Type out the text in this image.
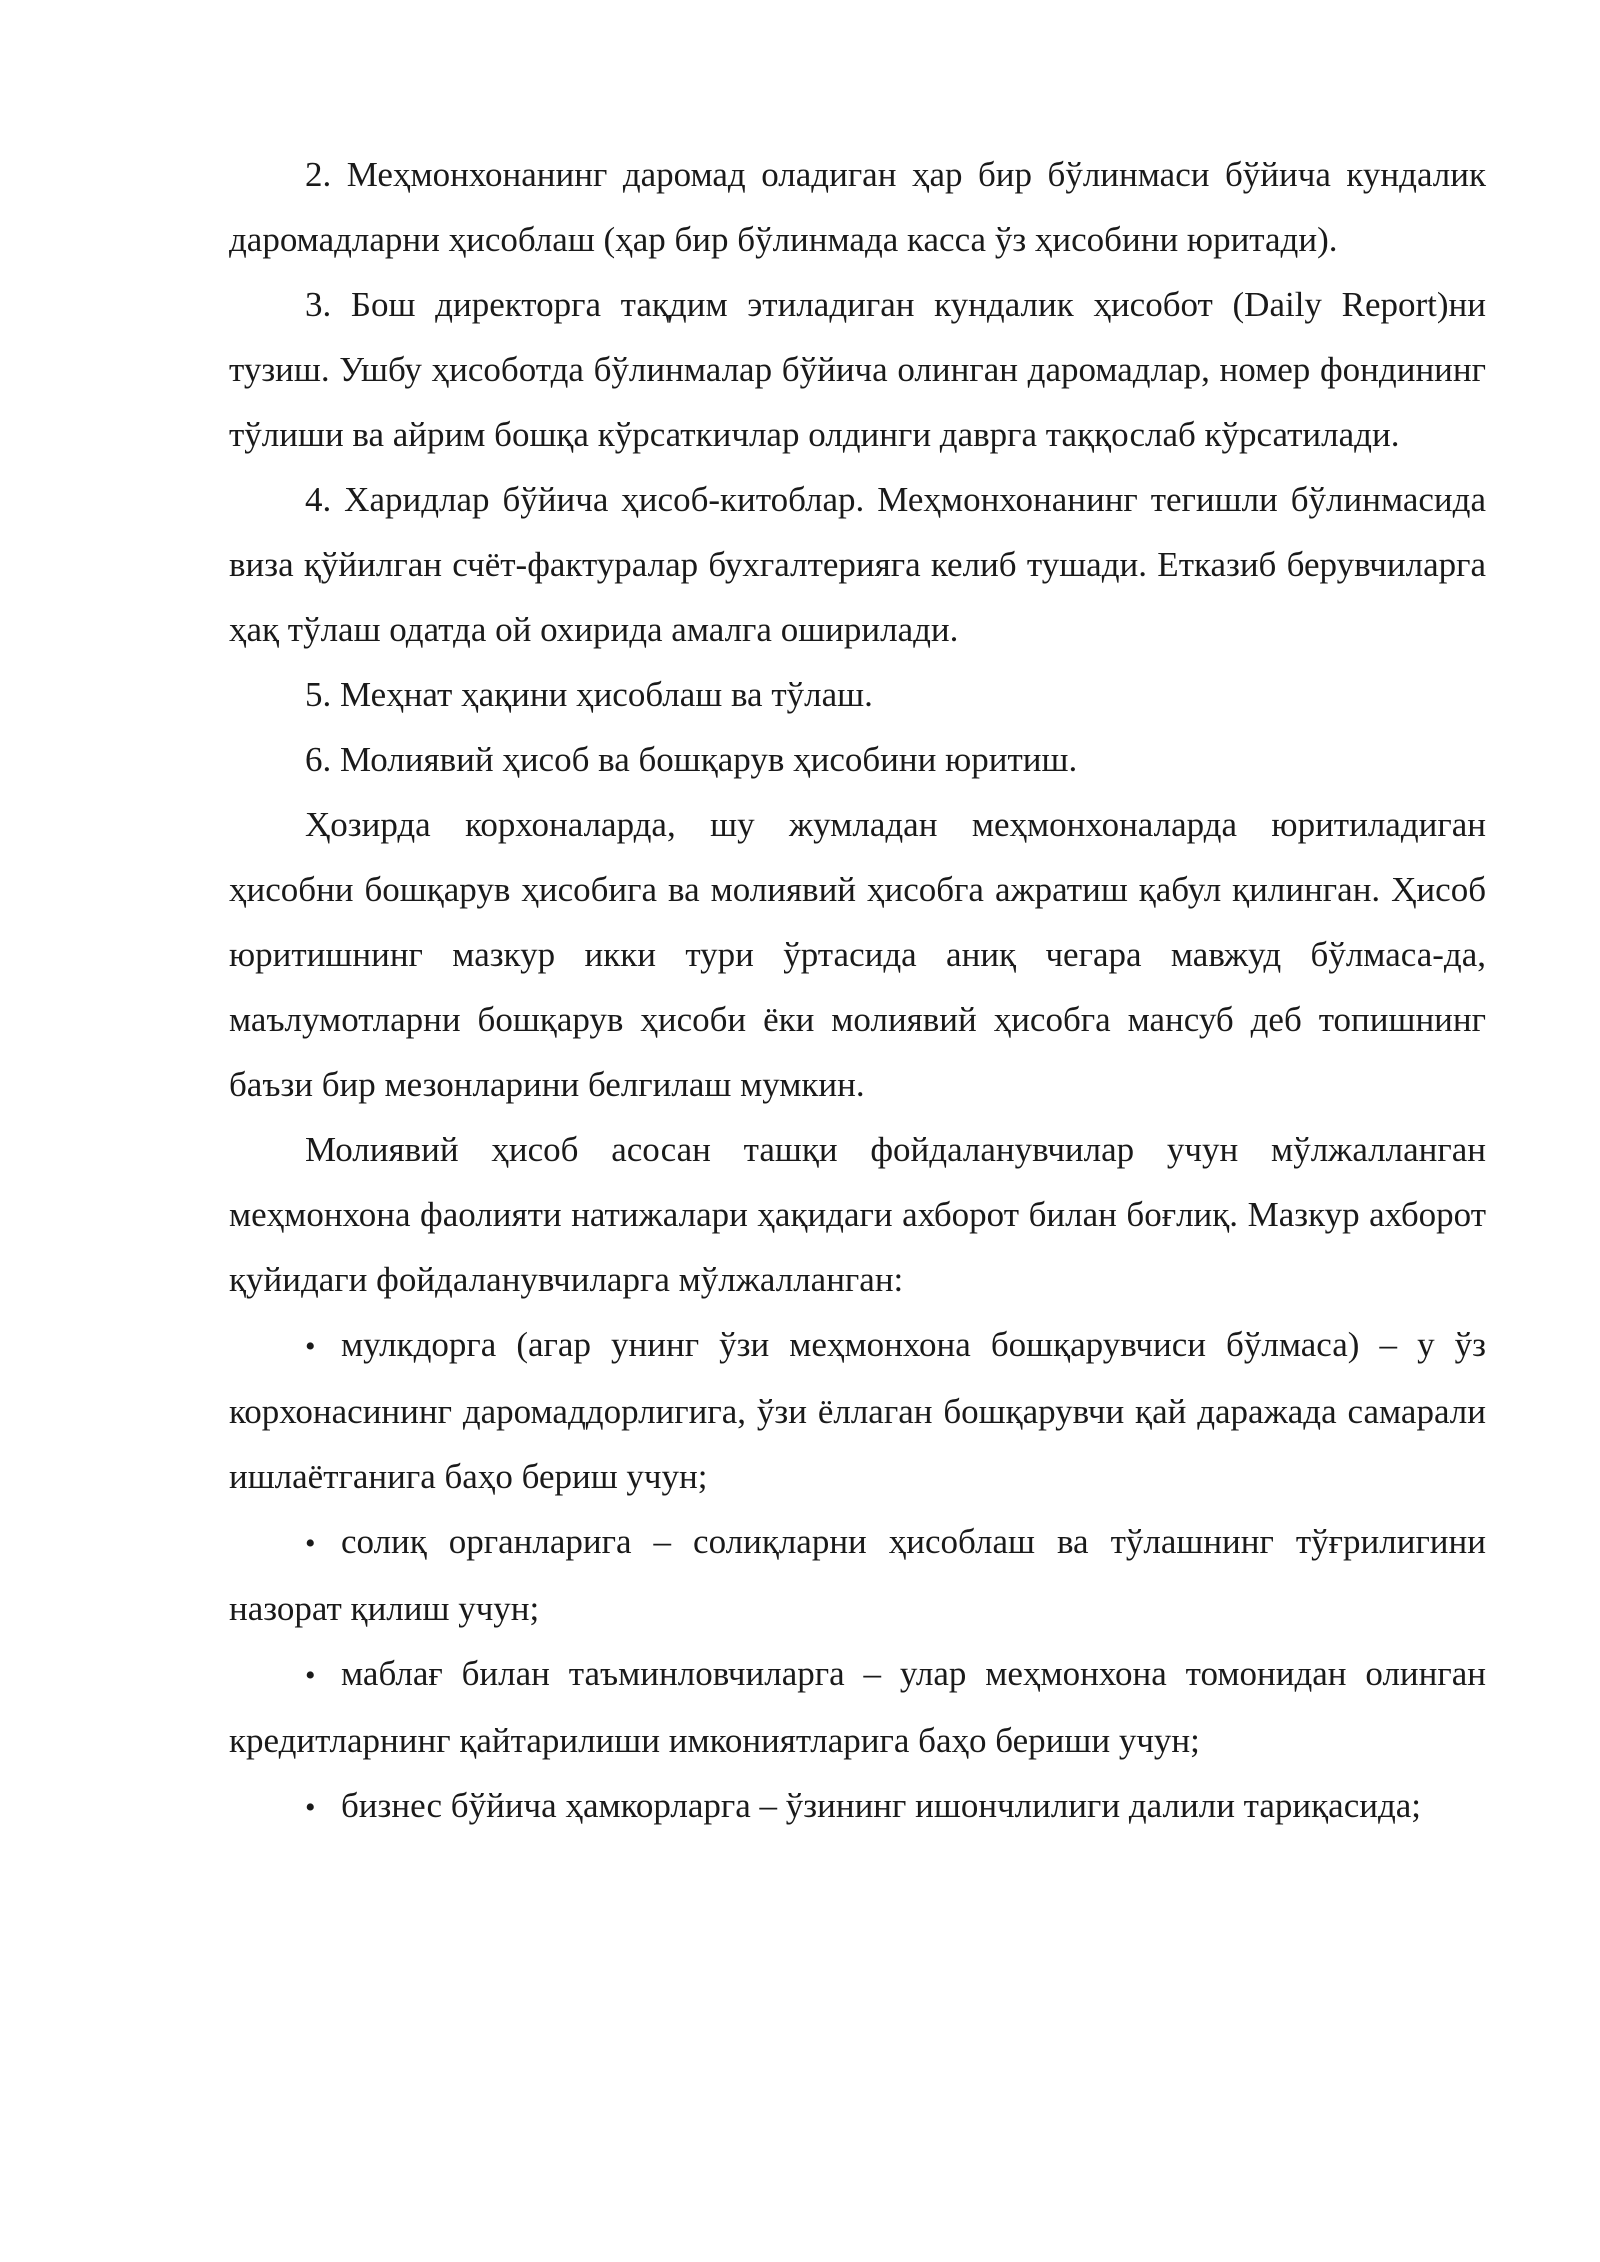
2. Меҳмонхонанинг даромад оладиган ҳар бир бўлинмаси бўйича кундалик даромадларни ҳисоблаш (ҳар бир бўлинмада касса ўз ҳисобини юритади).

3. Бош директорга тақдим этиладиган кундалик ҳисобот (Daily Report)ни тузиш. Ушбу ҳисоботда бўлинмалар бўйича олинган даромадлар, номер фондининг тўлиши ва айрим бошқа кўрсаткичлар олдинги даврга таққослаб кўрсатилади.

4. Харидлар бўйича ҳисоб-китоблар. Меҳмонхонанинг тегишли бўлинмасида виза қўйилган счёт-фактуралар бухгалтерияга келиб тушади. Етказиб берувчиларга ҳақ тўлаш одатда ой охирида амалга оширилади.

5. Меҳнат ҳақини ҳисоблаш ва тўлаш.

6. Молиявий ҳисоб ва бошқарув ҳисобини юритиш.

Ҳозирда корхоналарда, шу жумладан меҳмонхоналарда юритиладиган ҳисобни бошқарув ҳисобига ва молиявий ҳисобга ажратиш қабул қилинган. Ҳисоб юритишнинг мазкур икки тури ўртасида аниқ чегара мавжуд бўлмаса-да, маълумотларни бошқарув ҳисоби ёки молиявий ҳисобга мансуб деб топишнинг баъзи бир мезонларини белгилаш мумкин.

Молиявий ҳисоб асосан ташқи фойдаланувчилар учун мўлжалланган меҳмонхона фаолияти натижалари ҳақидаги ахборот билан боғлиқ. Мазкур ахборот қуйидаги фойдаланувчиларга мўлжалланган:

• мулкдорга (агар унинг ўзи меҳмонхона бошқарувчиси бўлмаса) – у ўз корхонасининг даромаддорлигига, ўзи ёллаган бошқарувчи қай даражада самарали ишлаётганига баҳо бериш учун;

• солиқ органларига – солиқларни ҳисоблаш ва тўлашнинг тўғрилигини назорат қилиш учун;

• маблағ билан таъминловчиларга – улар меҳмонхона томонидан олинган кредитларнинг қайтарилиши имкониятларига баҳо бериши учун;

• бизнес бўйича ҳамкорларга – ўзининг ишончлилиги далили тариқасида;
